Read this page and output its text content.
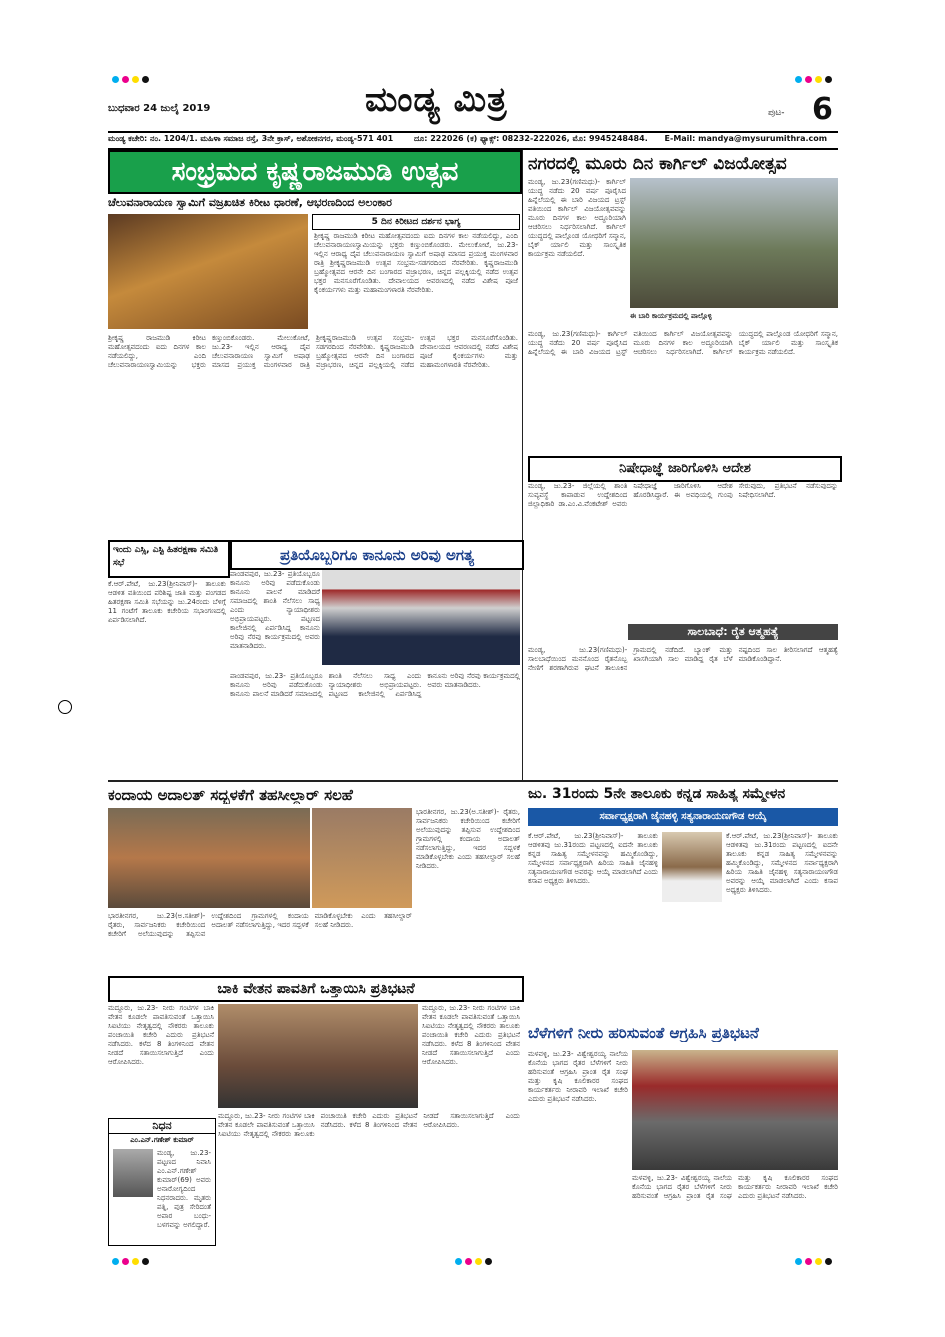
ಬುಧವಾರ 24 ಜುಲೈ 2019	ಮಂಡ್ಯ ಮಿತ್ರ	ಪುಟ- 6
ಮಂಡ್ಯ ಕಚೇರಿ: ನಂ. 1204/1. ಮಹಿಳಾ ಸಮಾಜ ರಸ್ತೆ, 3ನೇ ಕ್ರಾಸ್, ಅಶೋಕನಗರ, ಮಂಡ್ಯ-571 401	ದೂ: 222026 (ಕ) ಫ್ಯಾಕ್ಸ್: 08232-222026, ಮೊ: 9945248484. E-Mail: mandya@mysurumithra.com
ಸಂಭ್ರಮದ ಕೃಷ್ಣರಾಜಮುಡಿ ಉತ್ಸವ
ಚೆಲುವನಾರಾಯಣ ಸ್ವಾಮಿಗೆ ವಜ್ರಖಚಿತ ಕಿರೀಟ ಧಾರಣೆ, ಆಭರಣದಿಂದ ಅಲಂಕಾರ
5 ದಿನ ಕಿರೀಟದ ದರ್ಶನ ಭಾಗ್ಯ
ಶ್ರೀಕೃಷ್ಣ ರಾಜಮುಡಿ ಕಿರೀಟ ಮಹೋತ್ಸವದಂದು ಐದು ದಿನಗಳ ಕಾಲ ನಡೆಯಲಿದ್ದು, ಎಂದಿ ಚೆಲುವನಾರಾಯಣಸ್ವಾಮಿಯನ್ನು ಭಕ್ತರು ಕಣ್ತುಂಬಿಕೊಂಡರು. ಮೇಲುಕೋಟೆ, ಜು.23- ಇಲ್ಲಿನ ಆರಾಧ್ಯ ದೈವ ಚೆಲುವನಾರಾಯಣ ಸ್ವಾಮಿಗೆ ಅಷಾಢ ಮಾಸದ ಪ್ರಯುಕ್ತ ಮಂಗಳವಾರ ರಾತ್ರಿ ಶ್ರೀಕೃಷ್ಣರಾಜಮುಡಿ ಉತ್ಸವ ಸಂಭ್ರಮ-ಸಡಗರದಿಂದ ನೆರವೇರಿತು. ಕೃಷ್ಣರಾಜಮುಡಿ ಬ್ರಹ್ಮೋತ್ಸವದ ಆರನೇ ದಿನ ಬಂಗಾರದ ವಜ್ರಾಭರಣ, ಚಿನ್ನದ ಪಲ್ಲಕ್ಕಿಯಲ್ಲಿ ನಡೆದ ಉತ್ಸವ ಭಕ್ತರ ಮನಸೂರೆಗೊಂಡಿತು. ದೇವಾಲಯದ ಆವರಣದಲ್ಲಿ ನಡೆದ ವಿಶೇಷ ಪೂಜೆ ಕೈಂಕರ್ಯಗಳು ಮತ್ತು ಮಹಾಮಂಗಳಾರತಿ ನೆರವೇರಿತು.
ಶ್ರೀಕೃಷ್ಣ ರಾಜಮುಡಿ ಕಿರೀಟ ಮಹೋತ್ಸವದಂದು ಐದು ದಿನಗಳ ಕಾಲ ನಡೆಯಲಿದ್ದು, ಎಂದಿ ಚೆಲುವನಾರಾಯಣಸ್ವಾಮಿಯನ್ನು ಭಕ್ತರು ಕಣ್ತುಂಬಿಕೊಂಡರು. ಮೇಲುಕೋಟೆ, ಜು.23- ಇಲ್ಲಿನ ಆರಾಧ್ಯ ದೈವ ಚೆಲುವನಾರಾಯಣ ಸ್ವಾಮಿಗೆ ಅಷಾಢ ಮಾಸದ ಪ್ರಯುಕ್ತ ಮಂಗಳವಾರ ರಾತ್ರಿ ಶ್ರೀಕೃಷ್ಣರಾಜಮುಡಿ ಉತ್ಸವ ಸಂಭ್ರಮ-ಸಡಗರದಿಂದ ನೆರವೇರಿತು. ಕೃಷ್ಣರಾಜಮುಡಿ ಬ್ರಹ್ಮೋತ್ಸವದ ಆರನೇ ದಿನ ಬಂಗಾರದ ವಜ್ರಾಭರಣ, ಚಿನ್ನದ ಪಲ್ಲಕ್ಕಿಯಲ್ಲಿ ನಡೆದ ಉತ್ಸವ ಭಕ್ತರ ಮನಸೂರೆಗೊಂಡಿತು. ದೇವಾಲಯದ ಆವರಣದಲ್ಲಿ ನಡೆದ ವಿಶೇಷ ಪೂಜೆ ಕೈಂಕರ್ಯಗಳು ಮತ್ತು ಮಹಾಮಂಗಳಾರತಿ ನೆರವೇರಿತು.
ನಗರದಲ್ಲಿ ಮೂರು ದಿನ ಕಾರ್ಗಿಲ್ ವಿಜಯೋತ್ಸವ
ಮಂಡ್ಯ, ಜು.23(ಗಣಿಮಧು)- ಕಾರ್ಗಿಲ್ ಯುದ್ಧ ನಡೆದು 20 ವರ್ಷ ಪೂರೈಸಿದ ಹಿನ್ನೆಲೆಯಲ್ಲಿ ಈ ಬಾರಿ ವಿಜಯದ ಟ್ರಸ್ಟ್ ವತಿಯಿಂದ ಕಾರ್ಗಿಲ್ ವಿಜಯೋತ್ಸವವನ್ನು ಮೂರು ದಿನಗಳ ಕಾಲ ಅದ್ಧೂರಿಯಾಗಿ ಆಚರಿಸಲು ನಿರ್ಧರಿಸಲಾಗಿದೆ. ಕಾರ್ಗಿಲ್ ಯುದ್ಧದಲ್ಲಿ ಪಾಲ್ಗೊಂಡ ಯೋಧರಿಗೆ ಸನ್ಮಾನ, ಬೈಕ್ ರ್ಯಾಲಿ ಮತ್ತು ಸಾಂಸ್ಕೃತಿಕ ಕಾರ್ಯಕ್ರಮ ನಡೆಯಲಿದೆ.
ಈ ಬಾರಿ ಕಾರ್ಯಕ್ರಮದಲ್ಲಿ ಪಾಲ್ಗೊಳ್ಳಿ
ಮಂಡ್ಯ, ಜು.23(ಗಣಿಮಧು)- ಕಾರ್ಗಿಲ್ ಯುದ್ಧ ನಡೆದು 20 ವರ್ಷ ಪೂರೈಸಿದ ಹಿನ್ನೆಲೆಯಲ್ಲಿ ಈ ಬಾರಿ ವಿಜಯದ ಟ್ರಸ್ಟ್ ವತಿಯಿಂದ ಕಾರ್ಗಿಲ್ ವಿಜಯೋತ್ಸವವನ್ನು ಮೂರು ದಿನಗಳ ಕಾಲ ಅದ್ಧೂರಿಯಾಗಿ ಆಚರಿಸಲು ನಿರ್ಧರಿಸಲಾಗಿದೆ. ಕಾರ್ಗಿಲ್ ಯುದ್ಧದಲ್ಲಿ ಪಾಲ್ಗೊಂಡ ಯೋಧರಿಗೆ ಸನ್ಮಾನ, ಬೈಕ್ ರ್ಯಾಲಿ ಮತ್ತು ಸಾಂಸ್ಕೃತಿಕ ಕಾರ್ಯಕ್ರಮ ನಡೆಯಲಿದೆ.
ಇಂದು ಎಸ್ಸಿ, ಎಸ್ಟಿ ಹಿತರಕ್ಷಣಾ ಸಮಿತಿ ಸಭೆ
ಕೆ.ಆರ್.ಪೇಟೆ, ಜು.23(ಶ್ರೀನಿವಾಸ್)- ತಾಲೂಕು ಆಡಳಿತ ವತಿಯಿಂದ ಪರಿಶಿಷ್ಟ ಜಾತಿ ಮತ್ತು ಪಂಗಡದ ಹಿತರಕ್ಷಣಾ ಸಮಿತಿ ಸಭೆಯನ್ನು ಜು.24ರಂದು ಬೆಳಿಗ್ಗೆ 11 ಗಂಟೆಗೆ ತಾಲೂಕು ಕಚೇರಿಯ ಸಭಾಂಗಣದಲ್ಲಿ ಏರ್ಪಡಿಸಲಾಗಿದೆ.
ಪ್ರತಿಯೊಬ್ಬರಿಗೂ ಕಾನೂನು ಅರಿವು ಅಗತ್ಯ
ಪಾಂಡವಪುರ, ಜು.23- ಪ್ರತಿಯೊಬ್ಬರೂ ಕಾನೂನು ಅರಿವು ಪಡೆದುಕೊಂಡು ಕಾನೂನು ಪಾಲನೆ ಮಾಡಿದರೆ ಸಮಾಜದಲ್ಲಿ ಶಾಂತಿ ನೆಲೆಸಲು ಸಾಧ್ಯ ಎಂದು ನ್ಯಾಯಾಧೀಶರು ಅಭಿಪ್ರಾಯಪಟ್ಟರು. ಪಟ್ಟಣದ ಕಾಲೇಜಿನಲ್ಲಿ ಏರ್ಪಡಿಸಿದ್ದ ಕಾನೂನು ಅರಿವು ನೆರವು ಕಾರ್ಯಕ್ರಮದಲ್ಲಿ ಅವರು ಮಾತನಾಡಿದರು.
ಪಾಂಡವಪುರ, ಜು.23- ಪ್ರತಿಯೊಬ್ಬರೂ ಕಾನೂನು ಅರಿವು ಪಡೆದುಕೊಂಡು ಕಾನೂನು ಪಾಲನೆ ಮಾಡಿದರೆ ಸಮಾಜದಲ್ಲಿ ಶಾಂತಿ ನೆಲೆಸಲು ಸಾಧ್ಯ ಎಂದು ನ್ಯಾಯಾಧೀಶರು ಅಭಿಪ್ರಾಯಪಟ್ಟರು. ಪಟ್ಟಣದ ಕಾಲೇಜಿನಲ್ಲಿ ಏರ್ಪಡಿಸಿದ್ದ ಕಾನೂನು ಅರಿವು ನೆರವು ಕಾರ್ಯಕ್ರಮದಲ್ಲಿ ಅವರು ಮಾತನಾಡಿದರು.
ನಿಷೇಧಾಜ್ಞೆ ಜಾರಿಗೊಳಿಸಿ ಆದೇಶ
ಮಂಡ್ಯ, ಜು.23- ಜಿಲ್ಲೆಯಲ್ಲಿ ಶಾಂತಿ ಸುವ್ಯವಸ್ಥೆ ಕಾಪಾಡುವ ಉದ್ದೇಶದಿಂದ ಜಿಲ್ಲಾಧಿಕಾರಿ ಡಾ.ಎಂ.ವಿ.ವೆಂಕಟೇಶ್ ಅವರು ನಿಷೇಧಾಜ್ಞೆ ಜಾರಿಗೊಳಿಸಿ ಆದೇಶ ಹೊರಡಿಸಿದ್ದಾರೆ. ಈ ಅವಧಿಯಲ್ಲಿ ಗುಂಪು ಸೇರುವುದು, ಪ್ರತಿಭಟನೆ ನಡೆಸುವುದನ್ನು ನಿಷೇಧಿಸಲಾಗಿದೆ.
ಸಾಲಬಾಧೆ: ರೈತ ಆತ್ಮಹತ್ಯೆ
ಮಂಡ್ಯ, ಜು.23(ಗಣಿಮಧು)- ಸಾಲಬಾಧೆಯಿಂದ ಮನನೊಂದ ರೈತನೊಬ್ಬ ನೇಣಿಗೆ ಶರಣಾಗಿರುವ ಘಟನೆ ತಾಲೂಕಿನ ಗ್ರಾಮದಲ್ಲಿ ನಡೆದಿದೆ. ಬ್ಯಾಂಕ್ ಮತ್ತು ಖಾಸಗಿಯಾಗಿ ಸಾಲ ಮಾಡಿದ್ದ ರೈತ ಬೆಳೆ ನಷ್ಟದಿಂದ ಸಾಲ ತೀರಿಸಲಾಗದೆ ಆತ್ಮಹತ್ಯೆ ಮಾಡಿಕೊಂಡಿದ್ದಾನೆ.
ಕಂದಾಯ ಅದಾಲತ್ ಸದ್ಬಳಕೆಗೆ ತಹಸೀಲ್ದಾರ್ ಸಲಹೆ
ಭಾರತೀನಗರ, ಜು.23(ಅ.ಸತೀಶ್)- ರೈತರು, ಸಾರ್ವಜನಿಕರು ಕಚೇರಿಯಿಂದ ಕಚೇರಿಗೆ ಅಲೆಯುವುದನ್ನು ತಪ್ಪಿಸುವ ಉದ್ದೇಶದಿಂದ ಗ್ರಾಮಗಳಲ್ಲಿ ಕಂದಾಯ ಅದಾಲತ್ ನಡೆಸಲಾಗುತ್ತಿದ್ದು, ಇದರ ಸದ್ಬಳಕೆ ಮಾಡಿಕೊಳ್ಳಬೇಕು ಎಂದು ತಹಸೀಲ್ದಾರ್ ಸಲಹೆ ನೀಡಿದರು.
ಭಾರತೀನಗರ, ಜು.23(ಅ.ಸತೀಶ್)- ರೈತರು, ಸಾರ್ವಜನಿಕರು ಕಚೇರಿಯಿಂದ ಕಚೇರಿಗೆ ಅಲೆಯುವುದನ್ನು ತಪ್ಪಿಸುವ ಉದ್ದೇಶದಿಂದ ಗ್ರಾಮಗಳಲ್ಲಿ ಕಂದಾಯ ಅದಾಲತ್ ನಡೆಸಲಾಗುತ್ತಿದ್ದು, ಇದರ ಸದ್ಬಳಕೆ ಮಾಡಿಕೊಳ್ಳಬೇಕು ಎಂದು ತಹಸೀಲ್ದಾರ್ ಸಲಹೆ ನೀಡಿದರು.
ಬಾಕಿ ವೇತನ ಪಾವತಿಗೆ ಒತ್ತಾಯಿಸಿ ಪ್ರತಿಭಟನೆ
ಮದ್ದೂರು, ಜು.23- ನೀರು ಗಂಟಿಗಳ ಬಾಕಿ ವೇತನ ಕೂಡಲೇ ಪಾವತಿಸುವಂತೆ ಒತ್ತಾಯಿಸಿ ಸಿಐಟಿಯು ನೇತೃತ್ವದಲ್ಲಿ ನೌಕರರು ತಾಲೂಕು ಪಂಚಾಯಿತಿ ಕಚೇರಿ ಎದುರು ಪ್ರತಿಭಟನೆ ನಡೆಸಿದರು. ಕಳೆದ 8 ತಿಂಗಳಿನಿಂದ ವೇತನ ನೀಡದೆ ಸತಾಯಿಸಲಾಗುತ್ತಿದೆ ಎಂದು ಆರೋಪಿಸಿದರು.
ಮದ್ದೂರು, ಜು.23- ನೀರು ಗಂಟಿಗಳ ಬಾಕಿ ವೇತನ ಕೂಡಲೇ ಪಾವತಿಸುವಂತೆ ಒತ್ತಾಯಿಸಿ ಸಿಐಟಿಯು ನೇತೃತ್ವದಲ್ಲಿ ನೌಕರರು ತಾಲೂಕು ಪಂಚಾಯಿತಿ ಕಚೇರಿ ಎದುರು ಪ್ರತಿಭಟನೆ ನಡೆಸಿದರು. ಕಳೆದ 8 ತಿಂಗಳಿನಿಂದ ವೇತನ ನೀಡದೆ ಸತಾಯಿಸಲಾಗುತ್ತಿದೆ ಎಂದು ಆರೋಪಿಸಿದರು.
ಮದ್ದೂರು, ಜು.23- ನೀರು ಗಂಟಿಗಳ ಬಾಕಿ ವೇತನ ಕೂಡಲೇ ಪಾವತಿಸುವಂತೆ ಒತ್ತಾಯಿಸಿ ಸಿಐಟಿಯು ನೇತೃತ್ವದಲ್ಲಿ ನೌಕರರು ತಾಲೂಕು ಪಂಚಾಯಿತಿ ಕಚೇರಿ ಎದುರು ಪ್ರತಿಭಟನೆ ನಡೆಸಿದರು. ಕಳೆದ 8 ತಿಂಗಳಿನಿಂದ ವೇತನ ನೀಡದೆ ಸತಾಯಿಸಲಾಗುತ್ತಿದೆ ಎಂದು ಆರೋಪಿಸಿದರು.
ನಿಧನ
ಎಂ.ಎನ್.ಗಣೇಶ್ ಕುಮಾರ್
ಮಂಡ್ಯ, ಜು.23- ಪಟ್ಟಣದ ನಿವಾಸಿ ಎಂ.ಎನ್.ಗಣೇಶ್ ಕುಮಾರ್(69) ಅವರು ಅನಾರೋಗ್ಯದಿಂದ ನಿಧನರಾದರು. ಮೃತರು ಪತ್ನಿ, ಪುತ್ರ ಸೇರಿದಂತೆ ಅಪಾರ ಬಂಧು-ಬಳಗವನ್ನು ಅಗಲಿದ್ದಾರೆ.
ಜು. 31ರಂದು 5ನೇ ತಾಲೂಕು ಕನ್ನಡ ಸಾಹಿತ್ಯ ಸಮ್ಮೇಳನ
ಸರ್ವಾಧ್ಯಕ್ಷರಾಗಿ ಜೈನಹಳ್ಳಿ ಸತ್ಯನಾರಾಯಣಗೌಡ ಆಯ್ಕೆ
ಕೆ.ಆರ್.ಪೇಟೆ, ಜು.23(ಶ್ರೀನಿವಾಸ್)- ತಾಲೂಕು ಆಡಳಿತವು ಜು.31ರಂದು ಪಟ್ಟಣದಲ್ಲಿ ಐದನೇ ತಾಲೂಕು ಕನ್ನಡ ಸಾಹಿತ್ಯ ಸಮ್ಮೇಳನವನ್ನು ಹಮ್ಮಿಕೊಂಡಿದ್ದು, ಸಮ್ಮೇಳನದ ಸರ್ವಾಧ್ಯಕ್ಷರಾಗಿ ಹಿರಿಯ ಸಾಹಿತಿ ಜೈನಹಳ್ಳಿ ಸತ್ಯನಾರಾಯಣಗೌಡ ಅವರನ್ನು ಆಯ್ಕೆ ಮಾಡಲಾಗಿದೆ ಎಂದು ಕಸಾಪ ಅಧ್ಯಕ್ಷರು ತಿಳಿಸಿದರು.
ಕೆ.ಆರ್.ಪೇಟೆ, ಜು.23(ಶ್ರೀನಿವಾಸ್)- ತಾಲೂಕು ಆಡಳಿತವು ಜು.31ರಂದು ಪಟ್ಟಣದಲ್ಲಿ ಐದನೇ ತಾಲೂಕು ಕನ್ನಡ ಸಾಹಿತ್ಯ ಸಮ್ಮೇಳನವನ್ನು ಹಮ್ಮಿಕೊಂಡಿದ್ದು, ಸಮ್ಮೇಳನದ ಸರ್ವಾಧ್ಯಕ್ಷರಾಗಿ ಹಿರಿಯ ಸಾಹಿತಿ ಜೈನಹಳ್ಳಿ ಸತ್ಯನಾರಾಯಣಗೌಡ ಅವರನ್ನು ಆಯ್ಕೆ ಮಾಡಲಾಗಿದೆ ಎಂದು ಕಸಾಪ ಅಧ್ಯಕ್ಷರು ತಿಳಿಸಿದರು.
ಬೆಳೆಗಳಿಗೆ ನೀರು ಹರಿಸುವಂತೆ ಆಗ್ರಹಿಸಿ ಪ್ರತಿಭಟನೆ
ಮಳವಳ್ಳಿ, ಜು.23- ವಿಶ್ವೇಶ್ವರಯ್ಯ ನಾಲೆಯ ಕೊನೆಯ ಭಾಗದ ರೈತರ ಬೆಳೆಗಳಿಗೆ ನೀರು ಹರಿಸುವಂತೆ ಆಗ್ರಹಿಸಿ ಪ್ರಾಂತ ರೈತ ಸಂಘ ಮತ್ತು ಕೃಷಿ ಕೂಲಿಕಾರರ ಸಂಘದ ಕಾರ್ಯಕರ್ತರು ನೀರಾವರಿ ಇಲಾಖೆ ಕಚೇರಿ ಎದುರು ಪ್ರತಿಭಟನೆ ನಡೆಸಿದರು.
ಮಳವಳ್ಳಿ, ಜು.23- ವಿಶ್ವೇಶ್ವರಯ್ಯ ನಾಲೆಯ ಕೊನೆಯ ಭಾಗದ ರೈತರ ಬೆಳೆಗಳಿಗೆ ನೀರು ಹರಿಸುವಂತೆ ಆಗ್ರಹಿಸಿ ಪ್ರಾಂತ ರೈತ ಸಂಘ ಮತ್ತು ಕೃಷಿ ಕೂಲಿಕಾರರ ಸಂಘದ ಕಾರ್ಯಕರ್ತರು ನೀರಾವರಿ ಇಲಾಖೆ ಕಚೇರಿ ಎದುರು ಪ್ರತಿಭಟನೆ ನಡೆಸಿದರು.
